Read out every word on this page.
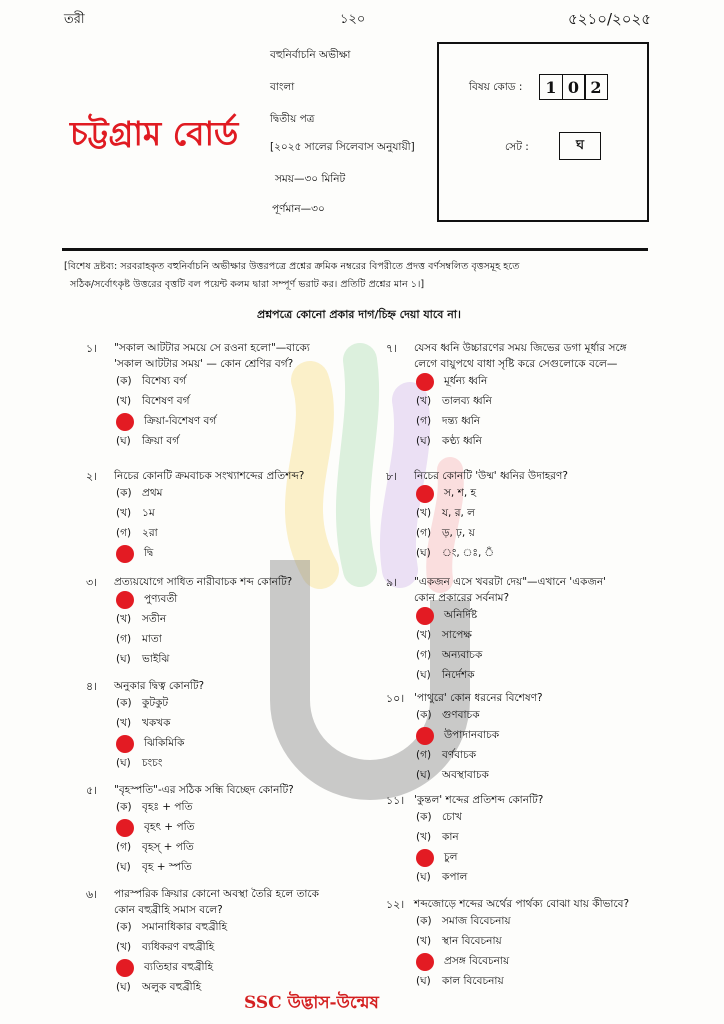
তরী	১২০	৫২১০/২০২৫
চট্টগ্রাম বোর্ড
বহুনির্বাচনি অভীক্ষা
বাংলা
দ্বিতীয় পত্র
[২০২৫ সালের সিলেবাস অনুযায়ী]
সময়—৩০ মিনিট
পূর্ণমান—৩০
বিষয় কোড :	1 0 2
সেট :	ঘ
[বিশেষ দ্রষ্টব্য: সরবরাহকৃত বহুনির্বাচনি অভীক্ষার উত্তরপত্রে প্রশ্নের ক্রমিক নম্বরের বিপরীতে প্রদত্ত বর্ণসম্বলিত বৃত্তসমূহ হতে
সঠিক/সর্বোৎকৃষ্ট উত্তরের বৃত্তটি বল পয়েন্ট কলম দ্বারা সম্পূর্ণ ভরাট কর। প্রতিটি প্রশ্নের মান ১।]
প্রশ্নপত্রে কোনো প্রকার দাগ/চিহ্ন দেয়া যাবে না।
১। "সকাল আটটার সময়ে সে রওনা হলো"—বাক্যে
'সকাল আটটার সময়' — কোন শ্রেণির বর্গ?
(ক) বিশেষ্য বর্গ
(খ)	বিশেষণ বর্গ
ক্রিয়া-বিশেষণ বর্গ
(ঘ)	ক্রিয়া বর্গ
২। নিচের কোনটি ক্রমবাচক সংখ্যাশব্দের প্রতিশব্দ?
(ক) প্রথম
(খ)	১ম
(গ)	২রা
দ্বি
৩। প্রত্যয়যোগে সাধিত নারীবাচক শব্দ কোনটি?
পুণ্যবতী
(খ)	সতীন
(গ)	মাতা
(ঘ)	ভাইঝি
৪। অনুকার দ্বিত্ব কোনটি?
(ক) কুটকুট
(খ)	খকখক
ঝিকিমিকি
(ঘ)	চংচং
৫। "বৃহস্পতি"-এর সঠিক সন্ধি বিচ্ছেদ কোনটি?
(ক) বৃহঃ + পতি
বৃহৎ + পতি
(গ)	বৃহস্ + পতি
(ঘ)	বৃহ + স্পতি
৬। পারস্পরিক ক্রিয়ার কোনো অবস্থা তৈরি হলে তাকে
কোন বহুব্রীহি সমাস বলে?
(ক) সমানাধিকার বহুব্রীহি
(খ)	ব্যধিকরণ বহুব্রীহি
ব্যতিহার বহুব্রীহি
(ঘ)	অলুক বহুব্রীহি
৭। যেসব ধ্বনি উচ্চারণের সময় জিভের ডগা মূর্ধার সঙ্গে
লেগে বায়ুপথে বাধা সৃষ্টি করে সেগুলোকে বলে—
মূর্ধন্য ধ্বনি
(খ)	তালব্য ধ্বনি
(গ)	দন্ত্য ধ্বনি
(ঘ)	কণ্ঠ্য ধ্বনি
৮। নিচের কোনটি 'উষ্ম' ধ্বনির উদাহরণ?
স, শ, হ
(খ)	য, র, ল
(গ)	ড়, ঢ়, য়
(ঘ)	ং, ঃ, ঁ
৯। "একজন এসে খবরটা দেয়"—এখানে 'একজন'
কোন প্রকারের সর্বনাম?
অনির্দিষ্ট
(খ)	সাপেক্ষ
(গ)	অন্যবাচক
(ঘ)	নির্দেশক
১০। 'পাথুরে' কোন ধরনের বিশেষণ?
(ক) গুণবাচক
উপাদানবাচক
(গ)	বর্ণবাচক
(ঘ)	অবস্থাবাচক
১১। 'কুন্তল' শব্দের প্রতিশব্দ কোনটি?
(ক) চোখ
(খ)	কান
চুল
(ঘ)	কপাল
১২। শব্দজোড়ে শব্দের অর্থের পার্থক্য বোঝা যায় কীভাবে?
(ক) সমাজ বিবেচনায়
(খ)	স্থান বিবেচনায়
প্রসঙ্গ বিবেচনায়
(ঘ)	কাল বিবেচনায়
SSC উদ্ভাস-উন্মেষ
